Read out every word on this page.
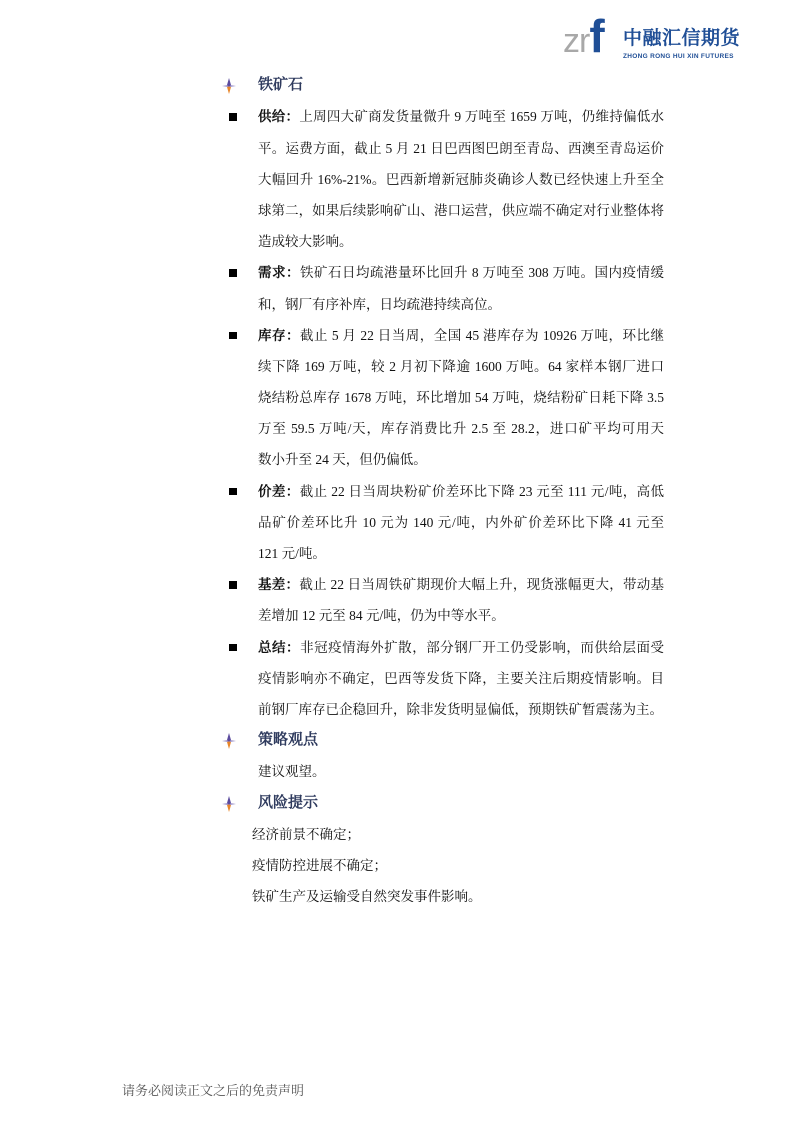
zrf 中融汇信期货
ZHONG RONG HUI XIN FUTURES
铁矿石
供给：上周四大矿商发货量微升 9 万吨至 1659 万吨，仍维持偏低水
平。运费方面，截止 5 月 21 日巴西图巴朗至青岛、西澳至青岛运价
大幅回升 16%-21%。巴西新增新冠肺炎确诊人数已经快速上升至全
球第二，如果后续影响矿山、港口运营，供应端不确定对行业整体将
造成较大影响。
需求：铁矿石日均疏港量环比回升 8 万吨至 308 万吨。国内疫情缓
和，钢厂有序补库，日均疏港持续高位。
库存：截止 5 月 22 日当周，全国 45 港库存为 10926 万吨，环比继
续下降 169 万吨，较 2 月初下降逾 1600 万吨。64 家样本钢厂进口
烧结粉总库存 1678 万吨，环比增加 54 万吨，烧结粉矿日耗下降 3.5
万至 59.5 万吨/天，库存消费比升 2.5 至 28.2，进口矿平均可用天
数小升至 24 天，但仍偏低。
价差：截止 22 日当周块粉矿价差环比下降 23 元至 111 元/吨，高低
品矿价差环比升 10 元为 140 元/吨，内外矿价差环比下降 41 元至
121 元/吨。
基差：截止 22 日当周铁矿期现价大幅上升，现货涨幅更大，带动基
差增加 12 元至 84 元/吨，仍为中等水平。
总结：非冠疫情海外扩散，部分钢厂开工仍受影响，而供给层面受
疫情影响亦不确定，巴西等发货下降，主要关注后期疫情影响。目
前钢厂库存已企稳回升，除非发货明显偏低，预期铁矿暂震荡为主。
策略观点
建议观望。
风险提示
经济前景不确定；
疫情防控进展不确定；
铁矿生产及运输受自然突发事件影响。
请务必阅读正文之后的免责声明
